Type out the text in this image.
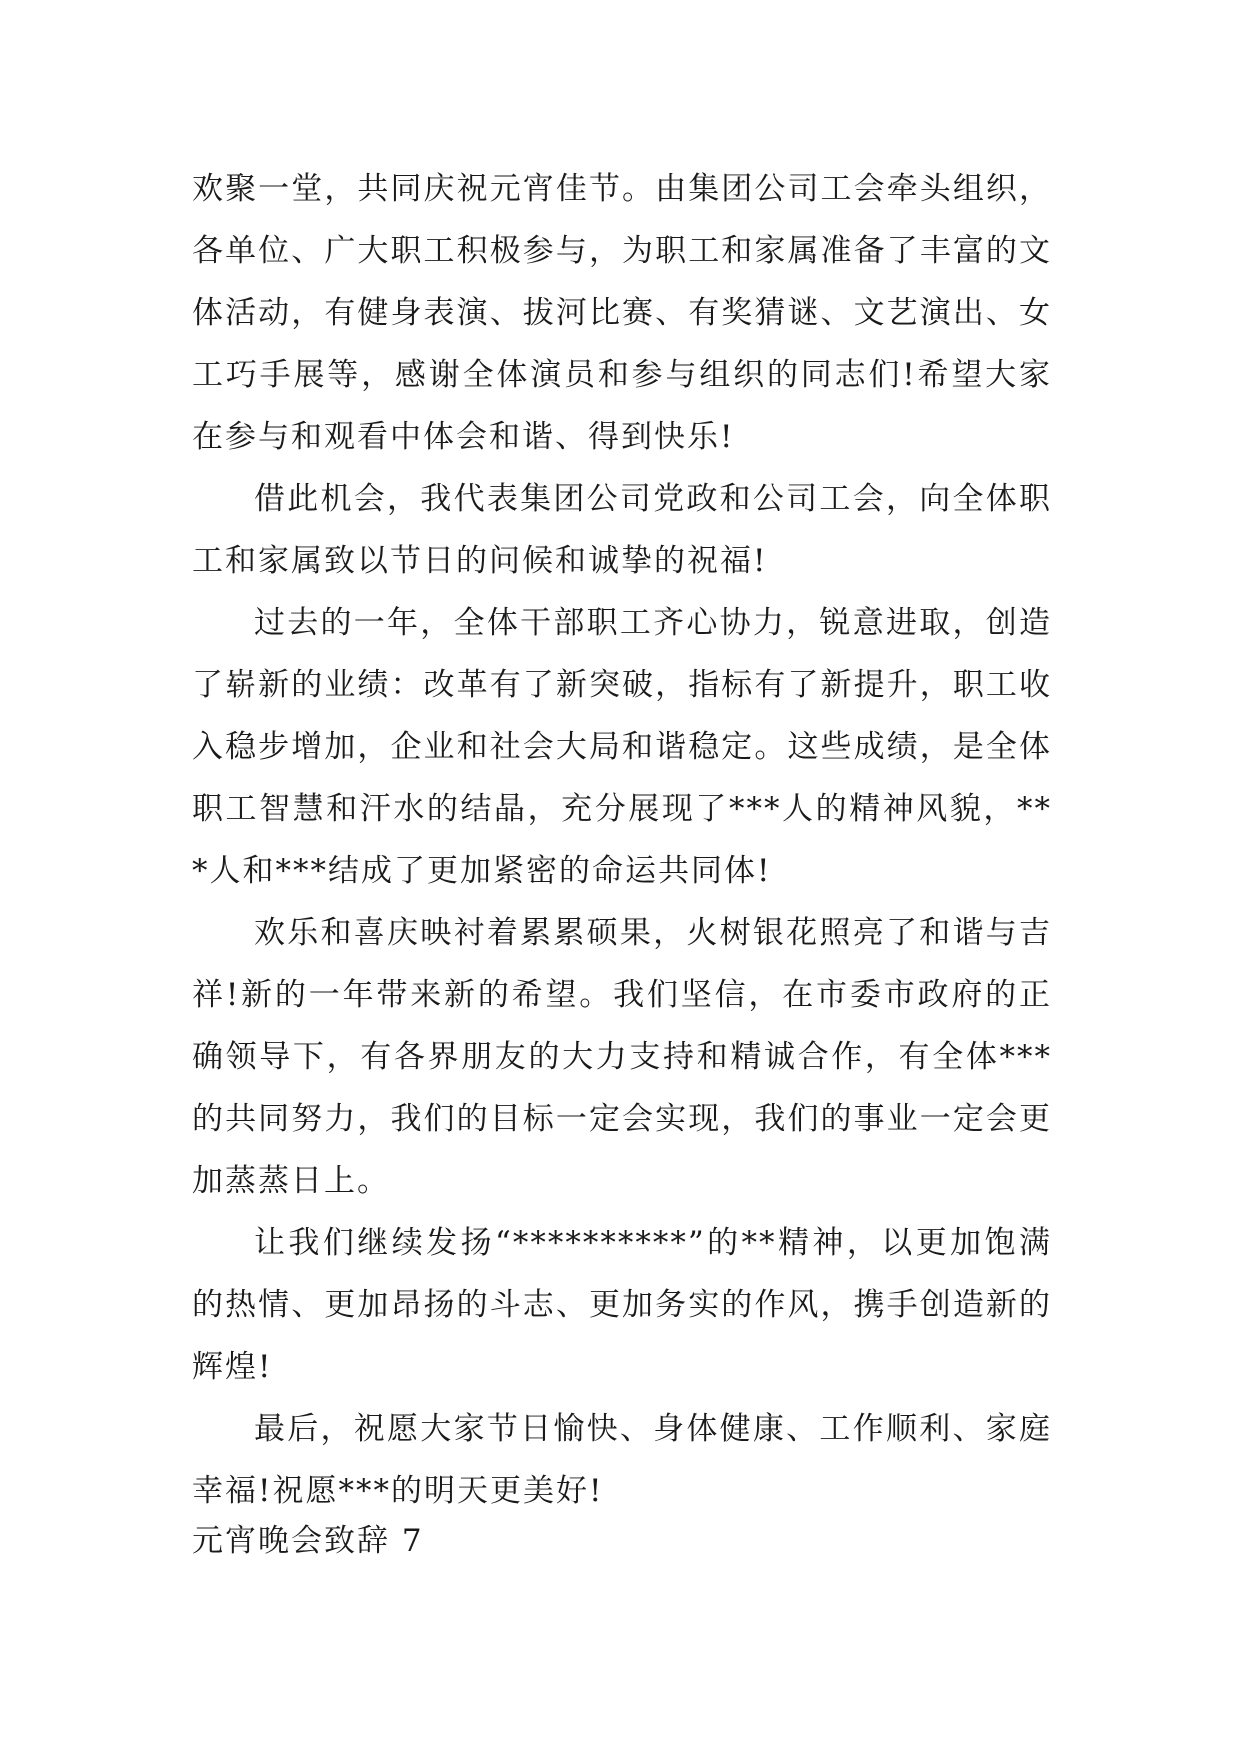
欢聚一堂，共同庆祝元宵佳节。由集团公司工会牵头组织，各单位、广大职工积极参与，为职工和家属准备了丰富的文体活动，有健身表演、拔河比赛、有奖猜谜、文艺演出、女工巧手展等，感谢全体演员和参与组织的同志们!希望大家在参与和观看中体会和谐、得到快乐!

借此机会，我代表集团公司党政和公司工会，向全体职工和家属致以节日的问候和诚挚的祝福!

过去的一年，全体干部职工齐心协力，锐意进取，创造了崭新的业绩：改革有了新突破，指标有了新提升，职工收入稳步增加，企业和社会大局和谐稳定。这些成绩，是全体职工智慧和汗水的结晶，充分展现了***人的精神风貌，***人和***结成了更加紧密的命运共同体!

欢乐和喜庆映衬着累累硕果，火树银花照亮了和谐与吉祥!新的一年带来新的希望。我们坚信，在市委市政府的正确领导下，有各界朋友的大力支持和精诚合作，有全体***的共同努力，我们的目标一定会实现，我们的事业一定会更加蒸蒸日上。

让我们继续发扬“**********”的**精神，以更加饱满的热情、更加昂扬的斗志、更加务实的作风，携手创造新的辉煌!

最后，祝愿大家节日愉快、身体健康、工作顺利、家庭幸福!祝愿***的明天更美好!

元宵晚会致辞 7
